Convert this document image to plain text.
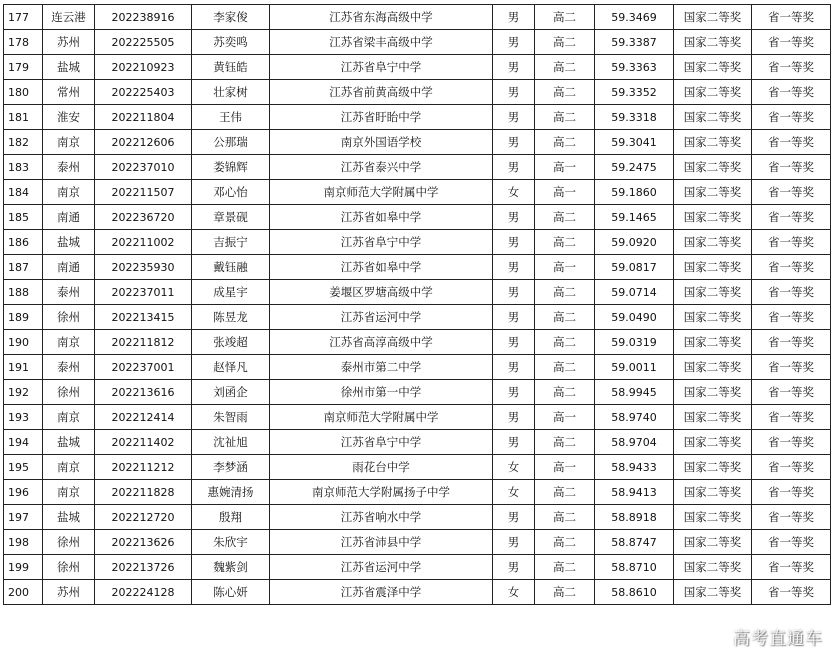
177	连云港	202238916	李家俊	江苏省东海高级中学	男	高二	59.3469	国家二等奖	省一等奖
178	苏州	202225505	苏奕鸣	江苏省梁丰高级中学	男	高二	59.3387	国家二等奖	省一等奖
179	盐城	202210923	黄钰皓	江苏省阜宁中学	男	高二	59.3363	国家二等奖	省一等奖
180	常州	202225403	壮家树	江苏省前黄高级中学	男	高二	59.3352	国家二等奖	省一等奖
181	淮安	202211804	王伟	江苏省盱眙中学	男	高二	59.3318	国家二等奖	省一等奖
182	南京	202212606	公那瑞	南京外国语学校	男	高二	59.3041	国家二等奖	省一等奖
183	泰州	202237010	娄锦辉	江苏省泰兴中学	男	高一	59.2475	国家二等奖	省一等奖
184	南京	202211507	邓心怡	南京师范大学附属中学	女	高一	59.1860	国家二等奖	省一等奖
185	南通	202236720	章景砚	江苏省如皋中学	男	高二	59.1465	国家二等奖	省一等奖
186	盐城	202211002	吉振宁	江苏省阜宁中学	男	高二	59.0920	国家二等奖	省一等奖
187	南通	202235930	戴钰融	江苏省如皋中学	男	高一	59.0817	国家二等奖	省一等奖
188	泰州	202237011	成星宇	姜堰区罗塘高级中学	男	高二	59.0714	国家二等奖	省一等奖
189	徐州	202213415	陈昱龙	江苏省运河中学	男	高二	59.0490	国家二等奖	省一等奖
190	南京	202211812	张竣超	江苏省高淳高级中学	男	高二	59.0319	国家二等奖	省一等奖
191	泰州	202237001	赵怿凡	泰州市第二中学	男	高二	59.0011	国家二等奖	省一等奖
192	徐州	202213616	刘函企	徐州市第一中学	男	高二	58.9945	国家二等奖	省一等奖
193	南京	202212414	朱智雨	南京师范大学附属中学	男	高一	58.9740	国家二等奖	省一等奖
194	盐城	202211402	沈祉旭	江苏省阜宁中学	男	高二	58.9704	国家二等奖	省一等奖
195	南京	202211212	李梦涵	雨花台中学	女	高一	58.9433	国家二等奖	省一等奖
196	南京	202211828	惠婉清扬	南京师范大学附属扬子中学	女	高二	58.9413	国家二等奖	省一等奖
197	盐城	202212720	殷翔	江苏省响水中学	男	高二	58.8918	国家二等奖	省一等奖
198	徐州	202213626	朱欣宇	江苏省沛县中学	男	高二	58.8747	国家二等奖	省一等奖
199	徐州	202213726	魏紫剑	江苏省运河中学	男	高二	58.8710	国家二等奖	省一等奖
200	苏州	202224128	陈心妍	江苏省震泽中学	女	高二	58.8610	国家二等奖	省一等奖
高考直通车
